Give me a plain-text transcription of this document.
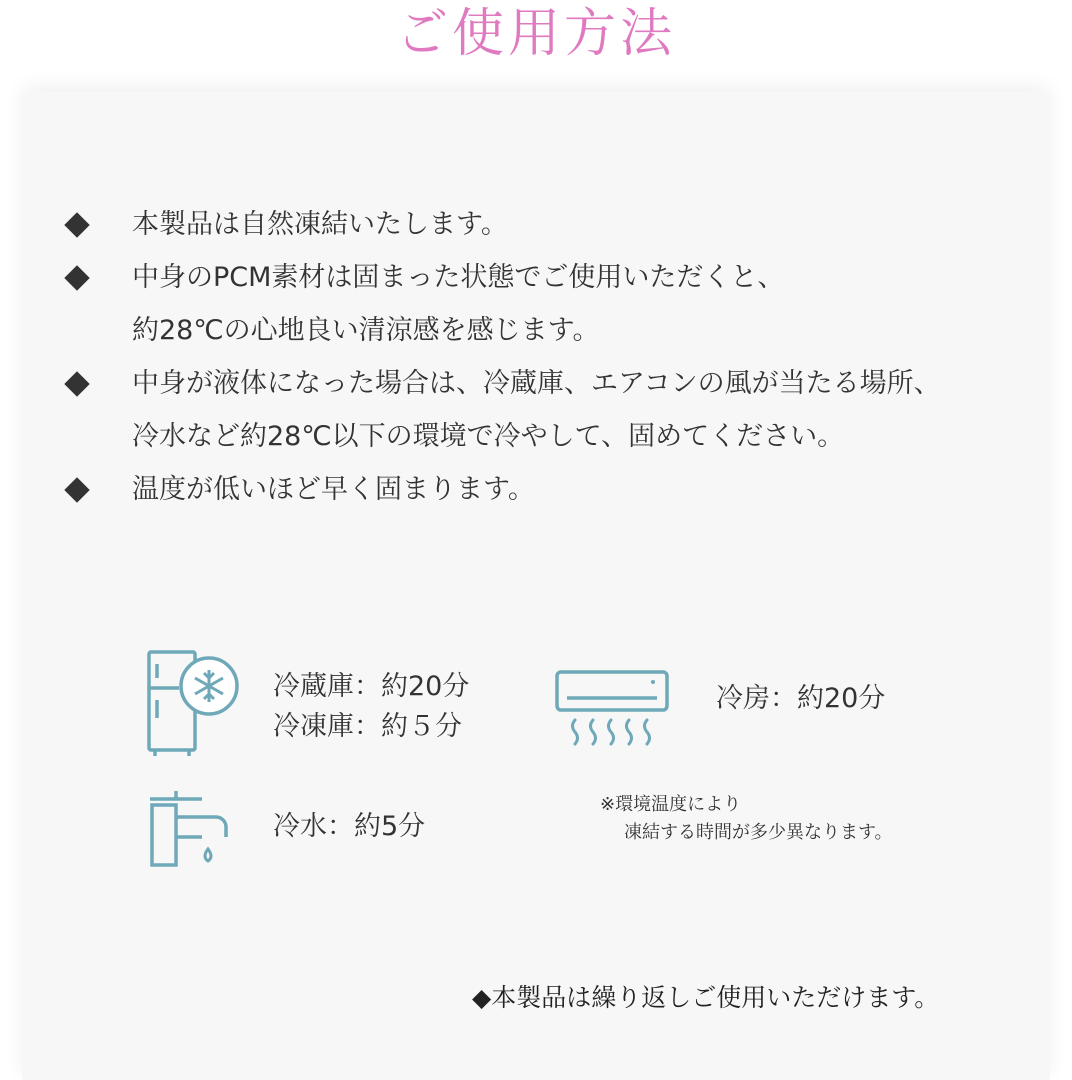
ご使用方法
本製品は自然凍結いたします。
中身のPCM素材は固まった状態でご使用いただくと、
約28℃の心地良い清涼感を感じます。
中身が液体になった場合は、冷蔵庫、エアコンの風が当たる場所、
冷水など約28℃以下の環境で冷やして、固めてください。
温度が低いほど早く固まります。
冷蔵庫：約20分
冷凍庫：約５分
冷房：約20分
冷水：約5分
※環境温度により
凍結する時間が多少異なります。
◆本製品は繰り返しご使用いただけます。
